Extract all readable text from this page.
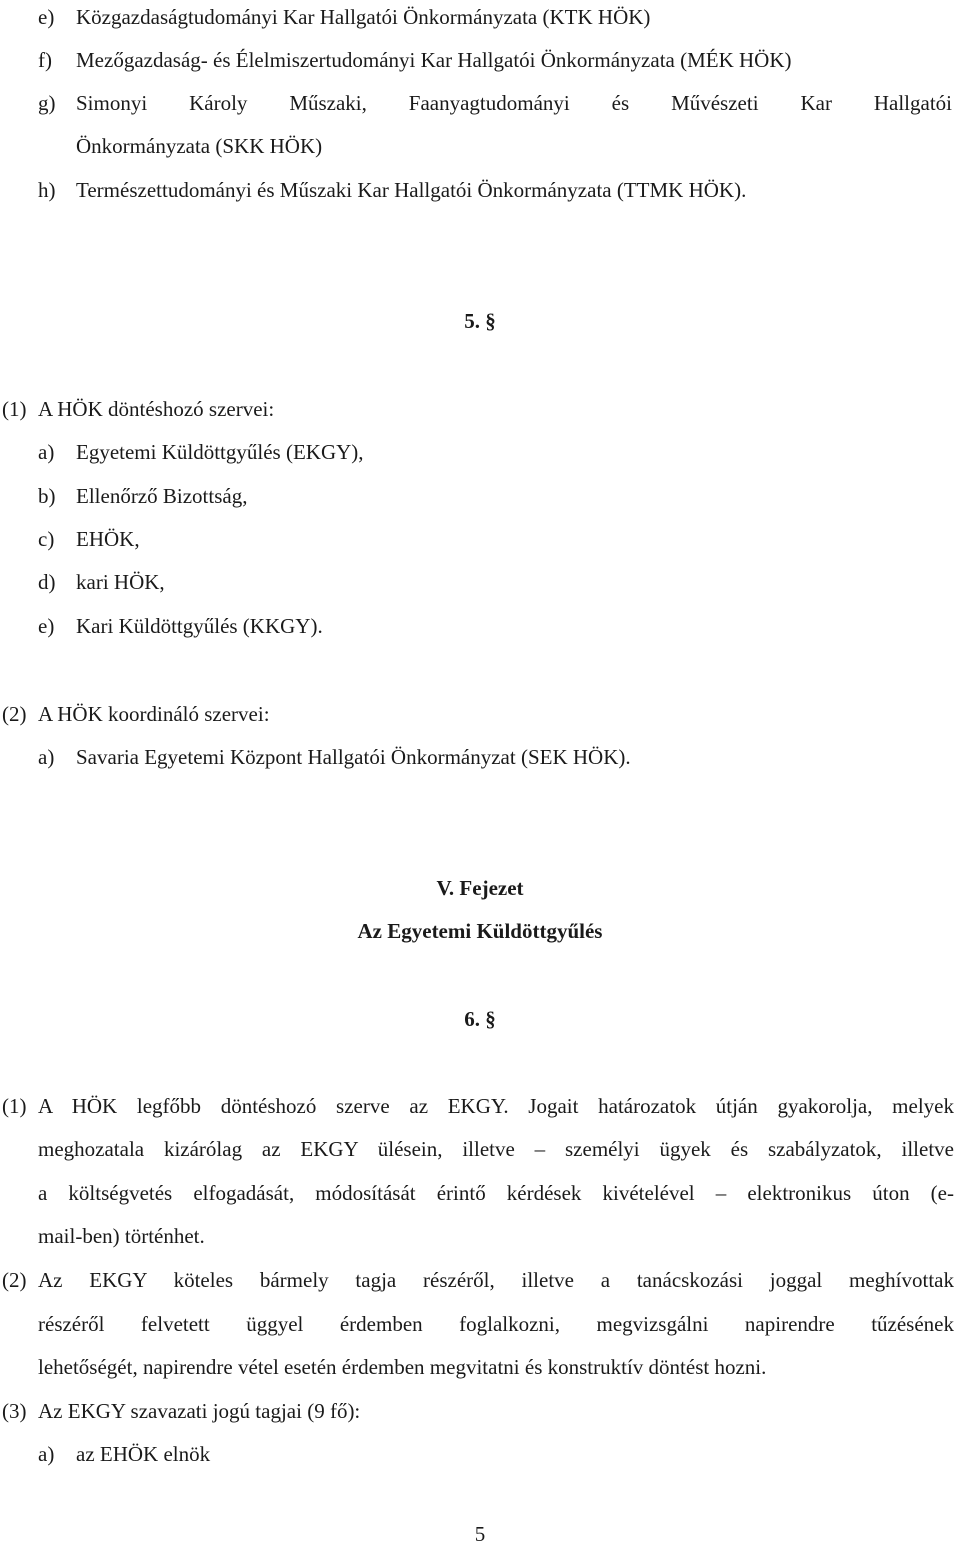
e) Közgazdaságtudományi Kar Hallgatói Önkormányzata (KTK HÖK)
f) Mezőgazdaság- és Élelmiszertudományi Kar Hallgatói Önkormányzata (MÉK HÖK)
g) Simonyi Károly Műszaki, Faanyagtudományi és Művészeti Kar Hallgatói
Önkormányzata (SKK HÖK)
h) Természettudományi és Műszaki Kar Hallgatói Önkormányzata (TTMK HÖK).
5. §
(1) A HÖK döntéshozó szervei:
a) Egyetemi Küldöttgyűlés (EKGY),
b) Ellenőrző Bizottság,
c) EHÖK,
d) kari HÖK,
e) Kari Küldöttgyűlés (KKGY).
(2) A HÖK koordináló szervei:
a) Savaria Egyetemi Központ Hallgatói Önkormányzat (SEK HÖK).
V. Fejezet
Az Egyetemi Küldöttgyűlés
6. §
(1) A HÖK legfőbb döntéshozó szerve az EKGY. Jogait határozatok útján gyakorolja, melyek
meghozatala kizárólag az EKGY ülésein, illetve – személyi ügyek és szabályzatok, illetve
a költségvetés elfogadását, módosítását érintő kérdések kivételével – elektronikus úton (e-
mail-ben) történhet.
(2) Az EKGY köteles bármely tagja részéről, illetve a tanácskozási joggal meghívottak
részéről felvetett üggyel érdemben foglalkozni, megvizsgálni napirendre tűzésének
lehetőségét, napirendre vétel esetén érdemben megvitatni és konstruktív döntést hozni.
(3) Az EKGY szavazati jogú tagjai (9 fő):
a) az EHÖK elnök
5
